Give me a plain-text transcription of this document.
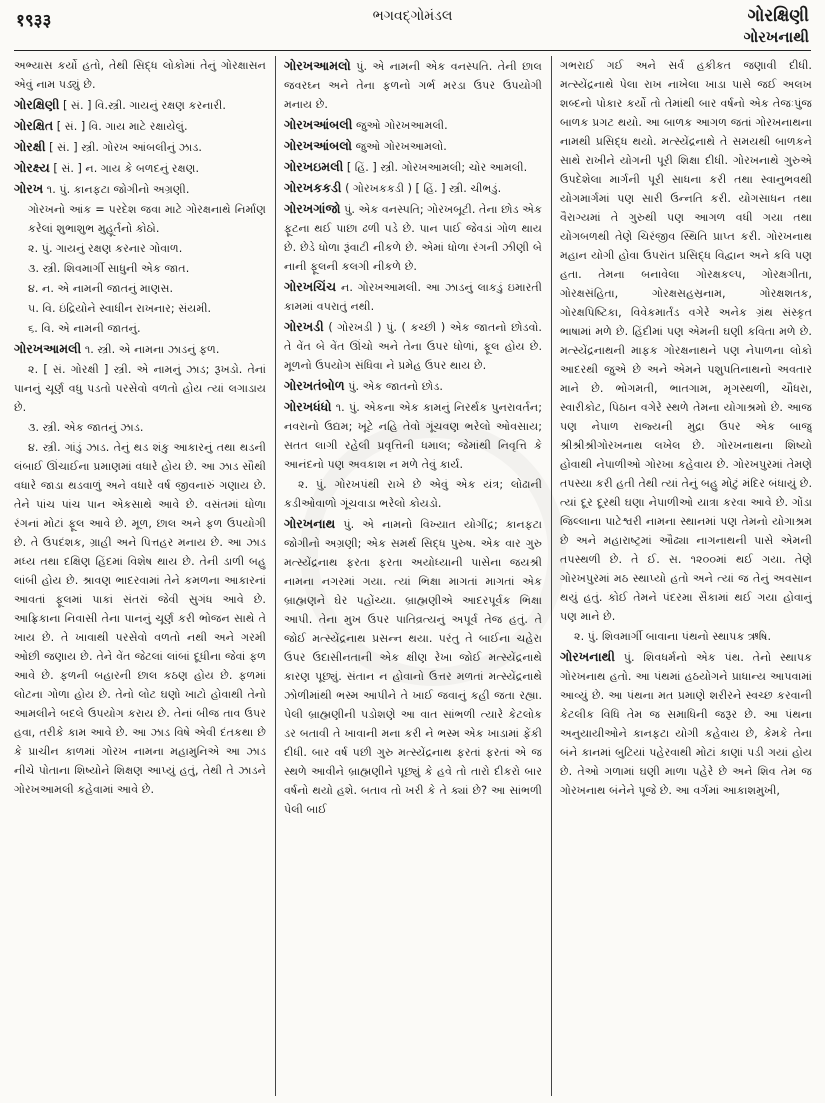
१९३३	ભગવદ્ગોમંડલ	ગોરક્ષિણી
ગોરખનાથી

અભ્યાસ કર્યો હતો, તેથી સિદ્ધ લોકોમાં તેનું ગોરક્ષાસન એવું નામ પડ્યું છે.

ગોરક્ષિણી [ સં. ] વિ.સ્ત્રી. ગાયનું રક્ષણ કરનારી.

ગોરક્ષિત [ સં. ] વિ. ગાય માટે રક્ષાયેલું.

ગોરક્ષી [ સં. ] સ્ત્રી. ગોરખ આંબલીનું ઝાડ.

ગોરક્ષ્ય [ સં. ] ન. ગાય કે બળદનું રક્ષણ.

ગોરખ ૧. પું. કાનફટા જોગીનો અગ્રણી.

ગોરખનો આંક = પરદેશ જવા માટે ગોરક્ષનાથે નિર્માણ કરેલાં શુભાશુભ મુહૂર્તનો કોઠો.

૨. પું. ગાયનું રક્ષણ કરનાર ગોવાળ.

૩. સ્ત્રી. શિવમાર્ગી સાધુની એક જાત.

૪. ન. એ નામની જાતનું માણસ.

૫. વિ. ઇંદ્રિયોને સ્વાધીન રાખનાર; સંયમી.

૬. વિ. એ નામની જાતનું.

ગોરખઆમલી ૧. સ્ત્રી. એ નામના ઝાડનું ફળ.

૨. [ સં. ગોરક્ષી ] સ્ત્રી. એ નામનું ઝાડ; રૂખડો. તેનાં પાનનું ચૂર્ણ વધુ પડતો પરસેવો વળતો હોય ત્યાં લગાડાય છે.

૩. સ્ત્રી. એક જાતનું ઝાડ.

૪. સ્ત્રી. ગાંડું ઝાડ. તેનું થડ શંકુ આકારનું તથા થડની લંબાઈ ઊંચાઈના પ્રમાણમાં વધારે હોય છે. આ ઝાડ સૌથી વધારે જાડા થડવાળું અને વધારે વર્ષ જીવનારું ગણાય છે. તેને પાંચ પાંચ પાન એકસાથે આવે છે. વસંતમાં ધોળા રંગનાં મોટાં ફૂલ આવે છે. મૂળ, છાલ અને ફળ ઉપયોગી છે. તે ઉપદંશક, ગ્રાહી અને પિત્તહર મનાય છે. આ ઝાડ મધ્ય તથા દક્ષિણ હિંદમાં વિશેષ થાય છે. તેની ડાળી બહુ લાંબી હોય છે. શ્રાવણ ભાદરવામાં તેને કમળના આકારનાં આવતાં ફૂલમાં પાકાં સંતરાં જેવી સુગંધ આવે છે. આફ્રિકાના નિવાસી તેના પાનનું ચૂર્ણ કરી ભોજન સાથે તે ખાય છે. તે ખાવાથી પરસેવો વળતો નથી અને ગરમી ઓછી જણાય છે. તેને વેંત જેટલાં લાંબાં દૂધીના જેવાં ફળ આવે છે. ફળની બહારની છાલ કઠણ હોય છે. ફળમાં લોટના ગોળા હોય છે. તેનો લોટ ઘણો ખાટો હોવાથી તેનો આમલીને બદલે ઉપયોગ કરાય છે. તેનાં બીજ તાવ ઉપર હવા, તરીકે કામ આવે છે. આ ઝાડ વિષે એવી દંતકથા છે કે પ્રાચીન કાળમાં ગોરખ નામના મહામુનિએ આ ઝાડ નીચે પોતાના શિષ્યોને શિક્ષણ આપ્યું હતું, તેથી તે ઝાડને ગોરખઆમલી કહેવામાં આવે છે.

ગોરખઆમલો પું. એ નામની એક વનસ્પતિ. તેની છાલ જવરઘ્ન અને તેના ફળનો ગર્ભ મરડા ઉપર ઉપયોગી મનાય છે.

ગોરખઆંબલી જુઓ ગોરખઆમલી.

ગોરખઆંબલો જુઓ ગોરખઆમલો.

ગોરખઇમલી [ હિં. ] સ્ત્રી. ગોરખઆમલી; ચોર આમલી.

ગોરખકકડી ( ગોરખકકડી ) [ હિં. ] સ્ત્રી. ચીભડું.

ગોરખગાંજો પું. એક વનસ્પતિ; ગોરખબૂટી. તેના છોડ એક ફૂટના થઈ પાછા ઢળી પડે છે. પાન પાઈ જેવડાં ગોળ થાય છે. છેડે ધોળા રૂંવાટી નીકળે છે. એમાં ધોળા રંગની ઝીણી બે નાની ફૂલની કલગી નીકળે છે.

ગોરખચિંચ ન. ગોરખઆમલી. આ ઝાડનું લાકડું ઇમારતી કામમાં વપરાતું નથી.

ગોરખડી ( ગોરખડી ) પું. ( કચ્છી ) એક જાતનો છોડવો. તે વેંત બે વેંત ઊંચો અને તેના ઉપર ધોળાં, ફૂલ હોય છે. મૂળનો ઉપયોગ સંધિવા ને પ્રમેહ ઉપર થાય છે.

ગોરખતંબોળ પું. એક જાતનો છોડ.

ગોરખધંધો ૧. પું. એકના એક કામનું નિરર્થક પુનરાવર્તન; નવરાનો ઉદ્યમ; ખૂટે નહિ તેવો ગૂંચવણ ભરેલો ઓવસાય; સતત લાગી રહેલી પ્રવૃત્તિની ધમાલ; જેમાંથી નિવૃત્તિ કે આનંદનો પણ અવકાશ ન મળે તેવું કાર્ય.

૨. પું. ગોરખપંથી રાખે છે એવું એક યંત્ર; લોઢાની કડીઓવાળો ગૂંચવાડા ભરેલો કોયડો.

ગોરખનાથ પું. એ નામનો વિખ્યાત યોગીંદ્ર; કાનફટા જોગીનો અગ્રણી; એક સમર્થ સિદ્ધ પુરુષ. એક વાર ગુરુ મત્સ્યેંદ્રનાથ ફરતા ફરતા અયોધ્યાની પાસેના જયશ્રી નામના નગરમાં ગયા. ત્યાં ભિક્ષા માગતાં માગતાં એક બ્રાહ્મણને ઘેર પહોંચ્યા. બ્રાહ્મણીએ આદરપૂર્વક ભિક્ષા આપી. તેના મુખ ઉપર પાતિવ્રત્યનું અપૂર્વ તેજ હતું. તે જોઈ મત્સ્યેંદ્રનાથ પ્રસન્ન થયા. પરંતુ તે બાઈના ચહેરા ઉપર ઉદાસીનતાની એક ક્ષીણ રેખા જોઈ મત્સ્યેંદ્રનાથે કારણ પૂછ્યું. સંતાન ન હોવાનો ઉત્તર મળતાં મત્સ્યેંદ્રનાથે ઝોળીમાંથી ભસ્મ આપીને તે ખાઈ જવાનું કહી જતા રહ્યા. પેલી બ્રાહ્મણીની પડોશણે આ વાત સાંભળી ત્યારે કેટલોક ડર બતાવી તે ખાવાની મના કરી ને ભસ્મ એક ખાડામાં ફેંકી દીધી. બાર વર્ષ પછી ગુરુ મત્સ્યેંદ્રનાથ ફરતાં ફરતાં એ જ સ્થળે આવીને બ્રાહ્મણીને પૂછ્યું કે હવે તો તારો દીકરો બાર વર્ષનો થયો હશે. બતાવ તો ખરી કે તે ક્યાં છે? આ સાંભળી પેલી બાઈ

ગભરાઈ ગઈ અને સર્વ હકીકત જણાવી દીધી. મત્સ્યેંદ્રનાથે પેલા રાખ નાખેલા ખાડા પાસે જઈ અલખ શબ્દનો પોકાર કર્યો તો તેમાંથી બાર વર્ષનો એક તેજઃપુંજ બાળક પ્રગટ થયો. આ બાળક આગળ જતાં ગોરખનાથના નામથી પ્રસિદ્ધ થયો. મત્સ્યેંદ્રનાથે તે સમયથી બાળકને સાથે રાખીને યોગની પૂરી શિક્ષા દીધી. ગોરખનાથે ગુરુએ ઉપદેશેલા માર્ગની પૂરી સાધના કરી તથા સ્વાનુભવથી યોગમાર્ગમાં પણ સારી ઉન્નતિ કરી. યોગસાધન તથા વૈરાગ્યમાં તે ગુરુથી પણ આગળ વધી ગયા તથા યોગબળથી તેણે ચિરંજીવ સ્થિતિ પ્રાપ્ત કરી. ગોરખનાથ મહાન યોગી હોવા ઉપરાંત પ્રસિદ્ધ વિદ્વાન અને કવિ પણ હતા. તેમના બનાવેલા ગોરક્ષકલ્પ, ગોરક્ષગીતા, ગોરક્ષસંહિતા, ગોરક્ષસહસ્રનામ, ગોરક્ષશતક, ગોરક્ષપિષ્ટિકા, વિવેકમાર્તંડ વગેરે અનેક ગ્રંથ સંસ્કૃત ભાષામાં મળે છે. હિંદીમાં પણ એમની ઘણી કવિતા મળે છે. મત્સ્યેંદ્રનાથની માફક ગોરક્ષનાથને પણ નેપાળના લોકો આદરથી જુએ છે અને એમને પશુપતિનાથનો અવતાર માને છે. ભોગમતી, ભાતગામ, મૃગસ્થળી, ચૌધરા, સ્વારીકોટ, પિઠાન વગેરે સ્થળે તેમના યોગાશ્રમો છે. આજ પણ નેપાળ રાજ્યની મુદ્રા ઉપર એક બાજુ શ્રીશ્રીશ્રીગોરખનાથ લખેલ છે. ગોરખનાથના શિષ્યો હોવાથી નેપાળીઓ ગોરખા કહેવાય છે. ગોરખપુરમાં તેમણે તપસ્યા કરી હતી તેથી ત્યાં તેનું બહુ મોટું મંદિર બંધાયું છે. ત્યાં દૂર દૂરથી ઘણા નેપાળીઓ યાત્રા કરવા આવે છે. ગોંડા જિલ્લાના પાટેશ્વરી નામના સ્થાનમાં પણ તેમનો યોગાશ્રમ છે અને મહારાષ્ટ્રમાં ઔઢ્યા નાગનાથની પાસે એમની તપસ્થળી છે. તે ઈ. સ. ૧૨૦૦માં થઈ ગયા. તેણે ગોરખપુરમાં મઠ સ્થાપ્યો હતો અને ત્યાં જ તેનું અવસાન થયું હતું. કોઈ તેમને પંદરમા સૈકામાં થઈ ગયા હોવાનું પણ માને છે.

૨. પું. શિવમાર્ગી બાવાના પંથનો સ્થાપક ઋષિ.

ગોરખનાથી પું. શિવધર્મનો એક પંથ. તેનો સ્થાપક ગોરખનાથ હતો. આ પંથમાં હઠયોગને પ્રાધાન્ય આપવામાં આવ્યું છે. આ પંથના મત પ્રમાણે શરીરને સ્વચ્છ કરવાની કેટલીક વિધિ તેમ જ સમાધિની જરૂર છે. આ પંથના અનુયાયીઓને કાનફટા યોગી કહેવાય છે, કેમકે તેના બંને કાનમાં બુટિયાં પહેરવાથી મોટાં કાણાં પડી ગયાં હોય છે. તેઓ ગળામાં ઘણી માળા પહેરે છે અને શિવ તેમ જ ગોરખનાથ બંનેને પૂજે છે. આ વર્ગમાં આકાશમુખી,
